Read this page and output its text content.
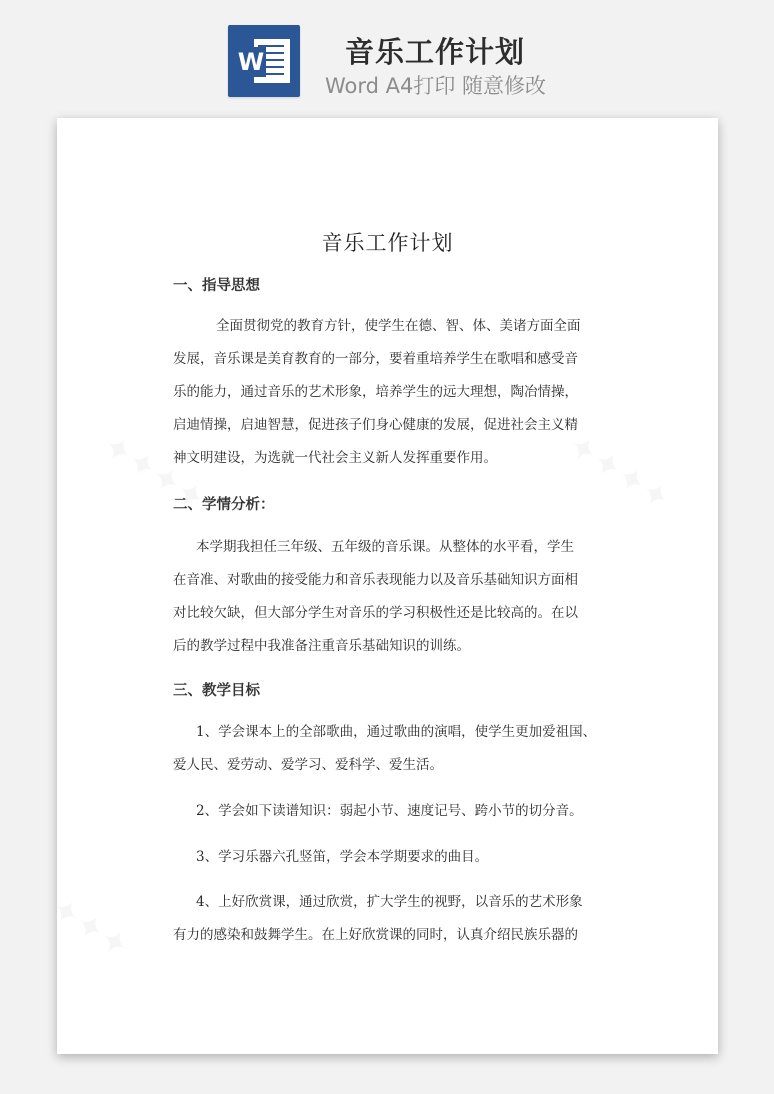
W	音乐工作计划
Word A4打印 随意修改
音乐工作计划
一、指导思想
全面贯彻党的教育方针，使学生在德、智、体、美诸方面全面
发展，音乐课是美育教育的一部分，要着重培养学生在歌唱和感受音
乐的能力，通过音乐的艺术形象，培养学生的远大理想，陶冶情操，
启迪情操，启迪智慧，促进孩子们身心健康的发展，促进社会主义精
神文明建设，为选就一代社会主义新人发挥重要作用。
二、学情分析：
本学期我担任三年级、五年级的音乐课。从整体的水平看，学生
在音准、对歌曲的接受能力和音乐表现能力以及音乐基础知识方面相
对比较欠缺，但大部分学生对音乐的学习积极性还是比较高的。在以
后的教学过程中我准备注重音乐基础知识的训练。
三、教学目标
1、学会课本上的全部歌曲，通过歌曲的演唱，使学生更加爱祖国、
爱人民、爱劳动、爱学习、爱科学、爱生活。
2、学会如下读谱知识：弱起小节、速度记号、跨小节的切分音。
3、学习乐器六孔竖笛，学会本学期要求的曲目。
4、上好欣赏课，通过欣赏，扩大学生的视野，以音乐的艺术形象
有力的感染和鼓舞学生。在上好欣赏课的同时，认真介绍民族乐器的
